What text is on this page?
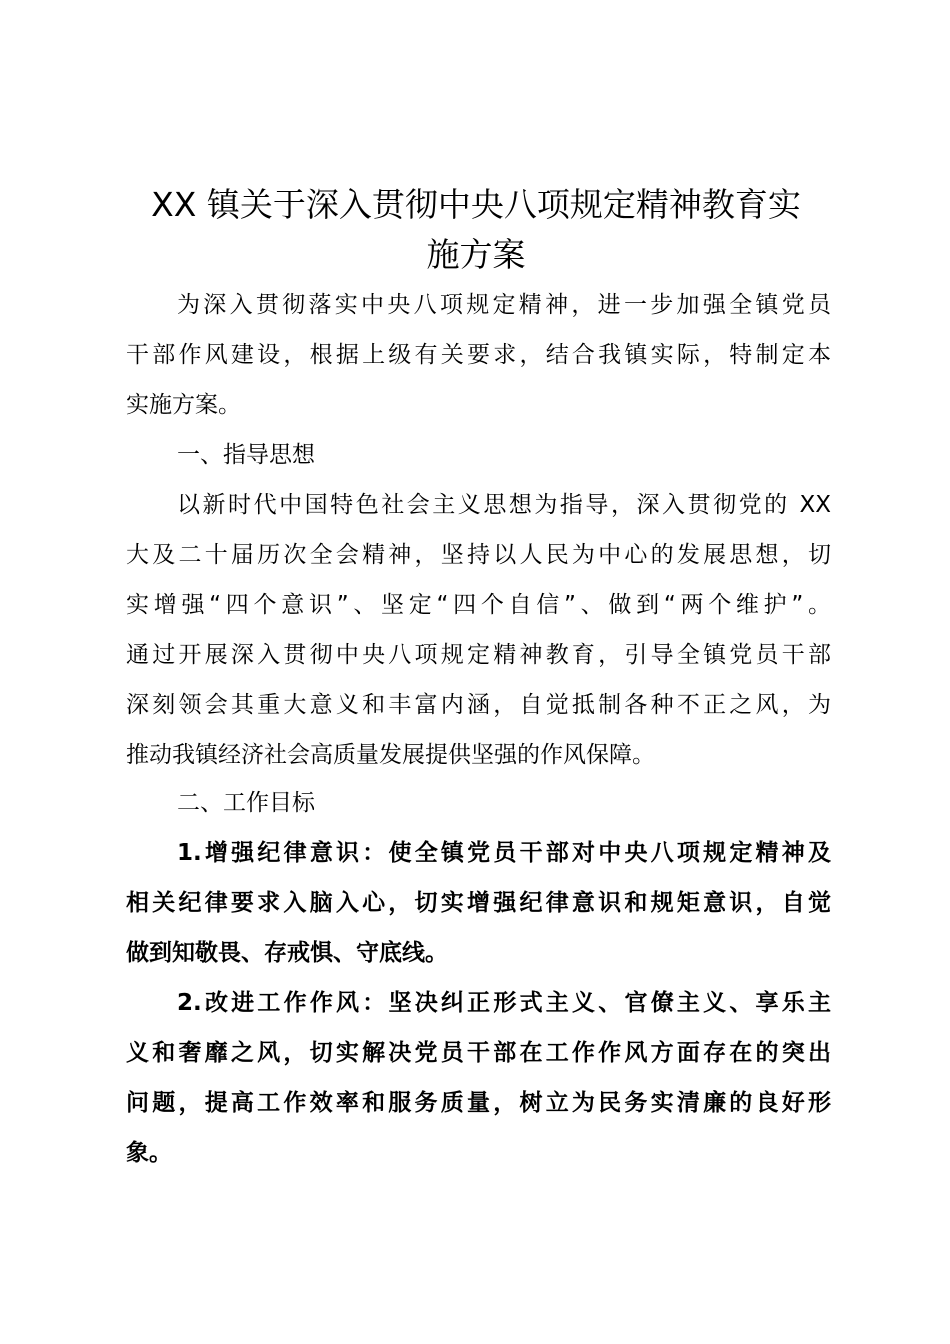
XX 镇关于深入贯彻中央八项规定精神教育实
施方案
为深入贯彻落实中央八项规定精神，进一步加强全镇党员
干部作风建设，根据上级有关要求，结合我镇实际，特制定本
实施方案。
一、指导思想
以新时代中国特色社会主义思想为指导，深入贯彻党的 XX
大及二十届历次全会精神，坚持以人民为中心的发展思想，切
实增强“四个意识”、坚定“四个自信”、做到“两个维护”。
通过开展深入贯彻中央八项规定精神教育，引导全镇党员干部
深刻领会其重大意义和丰富内涵，自觉抵制各种不正之风，为
推动我镇经济社会高质量发展提供坚强的作风保障。
二、工作目标
1.增强纪律意识：使全镇党员干部对中央八项规定精神及
相关纪律要求入脑入心，切实增强纪律意识和规矩意识，自觉
做到知敬畏、存戒惧、守底线。
2.改进工作作风：坚决纠正形式主义、官僚主义、享乐主
义和奢靡之风，切实解决党员干部在工作作风方面存在的突出
问题，提高工作效率和服务质量，树立为民务实清廉的良好形
象。
